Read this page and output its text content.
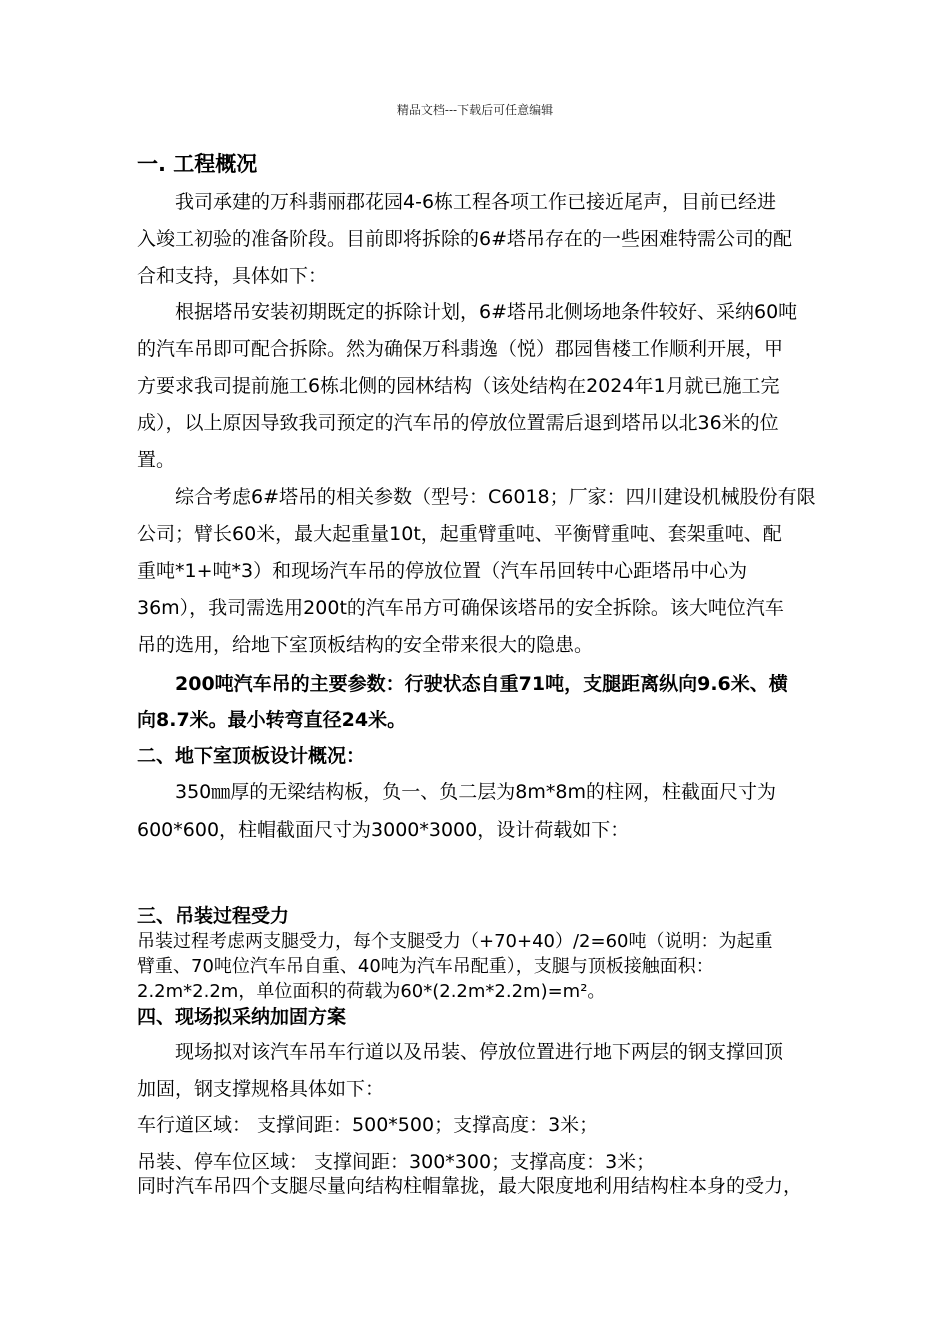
精品文档---下载后可任意编辑
一. 工程概况
我司承建的万科翡丽郡花园4-6栋工程各项工作已接近尾声，目前已经进
入竣工初验的准备阶段。目前即将拆除的6#塔吊存在的一些困难特需公司的配
合和支持，具体如下：
根据塔吊安装初期既定的拆除计划，6#塔吊北侧场地条件较好、采纳60吨
的汽车吊即可配合拆除。然为确保万科翡逸（悦）郡园售楼工作顺利开展，甲
方要求我司提前施工6栋北侧的园林结构（该处结构在2024年1月就已施工完
成），以上原因导致我司预定的汽车吊的停放位置需后退到塔吊以北36米的位
置。
综合考虑6#塔吊的相关参数（型号：C6018；厂家：四川建设机械股份有限
公司；臂长60米，最大起重量10t，起重臂重吨、平衡臂重吨、套架重吨、配
重吨*1+吨*3）和现场汽车吊的停放位置（汽车吊回转中心距塔吊中心为
36m），我司需选用200t的汽车吊方可确保该塔吊的安全拆除。该大吨位汽车
吊的选用，给地下室顶板结构的安全带来很大的隐患。
200吨汽车吊的主要参数：行驶状态自重71吨，支腿距离纵向9.6米、横
向8.7米。最小转弯直径24米。
二、地下室顶板设计概况：
350㎜厚的无梁结构板，负一、负二层为8m*8m的柱网，柱截面尺寸为
600*600，柱帽截面尺寸为3000*3000，设计荷载如下：
三、吊装过程受力
吊装过程考虑两支腿受力，每个支腿受力（+70+40）/2=60吨（说明：为起重
臂重、70吨位汽车吊自重、40吨为汽车吊配重），支腿与顶板接触面积：
2.2m*2.2m，单位面积的荷载为60*(2.2m*2.2m)=m²。
四、现场拟采纳加固方案
现场拟对该汽车吊车行道以及吊装、停放位置进行地下两层的钢支撑回顶
加固，钢支撑规格具体如下：
车行道区域： 支撑间距：500*500；支撑高度：3米；
吊装、停车位区域： 支撑间距：300*300；支撑高度：3米；
同时汽车吊四个支腿尽量向结构柱帽靠拢，最大限度地利用结构柱本身的受力，
